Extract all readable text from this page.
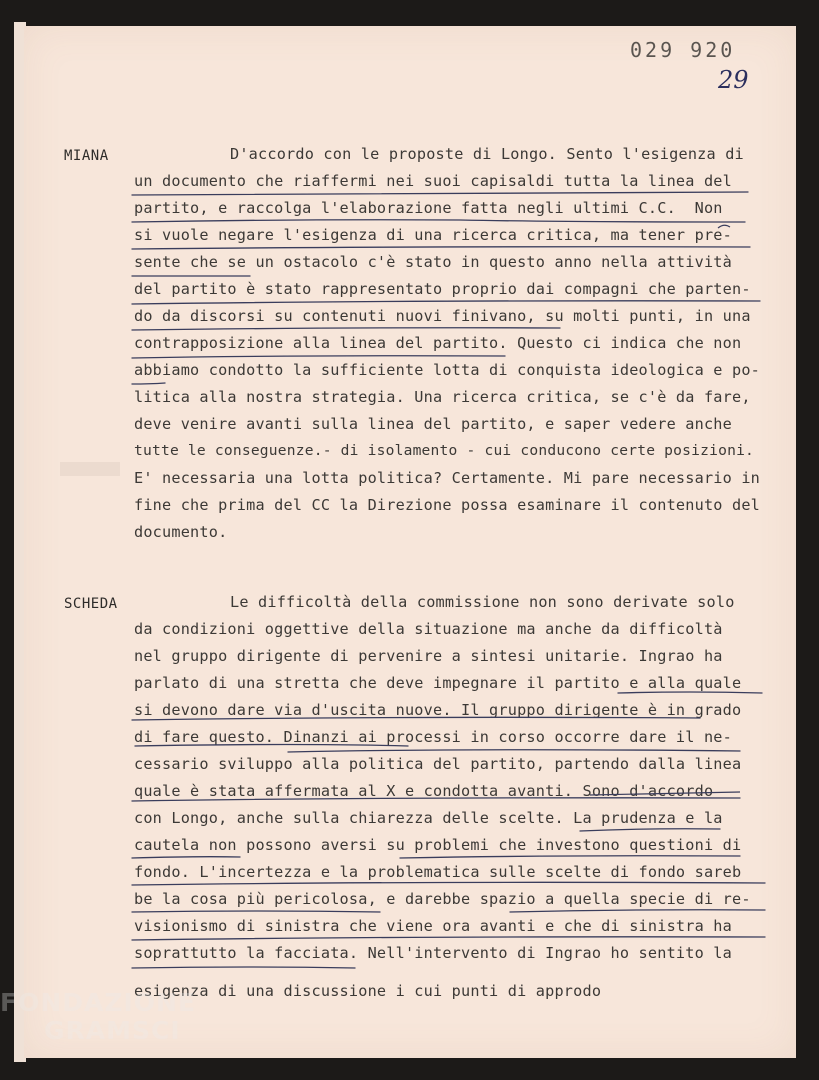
029 920
29
MIANA	D'accordo con le proposte di Longo. Sento l'esigenza di
un documento che riaffermi nei suoi capisaldi tutta la linea del
partito, e raccolga l'elaborazione fatta negli ultimi C.C.  Non
si vuole negare l'esigenza di una ricerca critica, ma tener pre-
sente che se un ostacolo c'è stato in questo anno nella attività
del partito è stato rappresentato proprio dai compagni che parten-
do da discorsi su contenuti nuovi finivano, su molti punti, in una
contrapposizione alla linea del partito. Questo ci indica che non
abbiamo condotto la sufficiente lotta di conquista ideologica e po-
litica alla nostra strategia. Una ricerca critica, se c'è da fare,
deve venire avanti sulla linea del partito, e saper vedere anche
tutte le conseguenze.- di isolamento - cui conducono certe posizioni.
E' necessaria una lotta politica? Certamente. Mi pare necessario in
fine che prima del CC la Direzione possa esaminare il contenuto del
documento.
SCHEDA	Le difficoltà della commissione non sono derivate solo
da condizioni oggettive della situazione ma anche da difficoltà
nel gruppo dirigente di pervenire a sintesi unitarie. Ingrao ha
parlato di una stretta che deve impegnare il partito e alla quale
si devono dare via d'uscita nuove. Il gruppo dirigente è in grado
di fare questo. Dinanzi ai processi in corso occorre dare il ne-
cessario sviluppo alla politica del partito, partendo dalla linea
quale è stata affermata al X e condotta avanti. Sono d'accordo
con Longo, anche sulla chiarezza delle scelte. La prudenza e la
cautela non possono aversi su problemi che investono questioni di
fondo. L'incertezza e la problematica sulle scelte di fondo sareb
be la cosa più pericolosa, e darebbe spazio a quella specie di re-
visionismo di sinistra che viene ora avanti e che di sinistra ha
soprattutto la facciata. Nell'intervento di Ingrao ho sentito la
esigenza di una discussione i cui punti di approdo
FONDAZIONE
GRAMSCI
